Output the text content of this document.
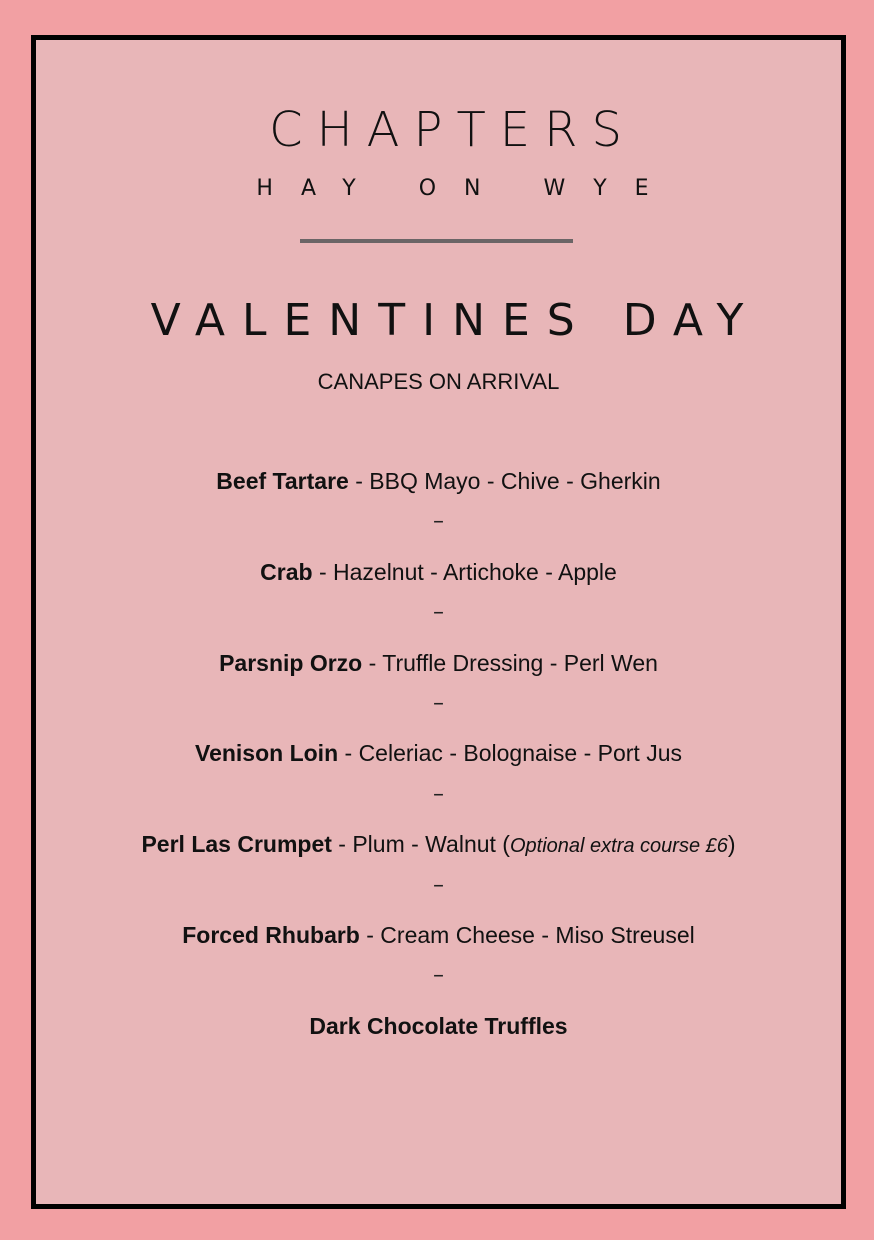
CHAPTERS
HAY ON WYE
VALENTINES DAY
CANAPES ON ARRIVAL
Beef Tartare - BBQ Mayo - Chive - Gherkin
–
Crab - Hazelnut - Artichoke - Apple
–
Parsnip Orzo - Truffle Dressing - Perl Wen
–
Venison Loin - Celeriac - Bolognaise - Port Jus
–
Perl Las Crumpet - Plum - Walnut (Optional extra course £6)
–
Forced Rhubarb - Cream Cheese - Miso Streusel
–
Dark Chocolate Truffles
